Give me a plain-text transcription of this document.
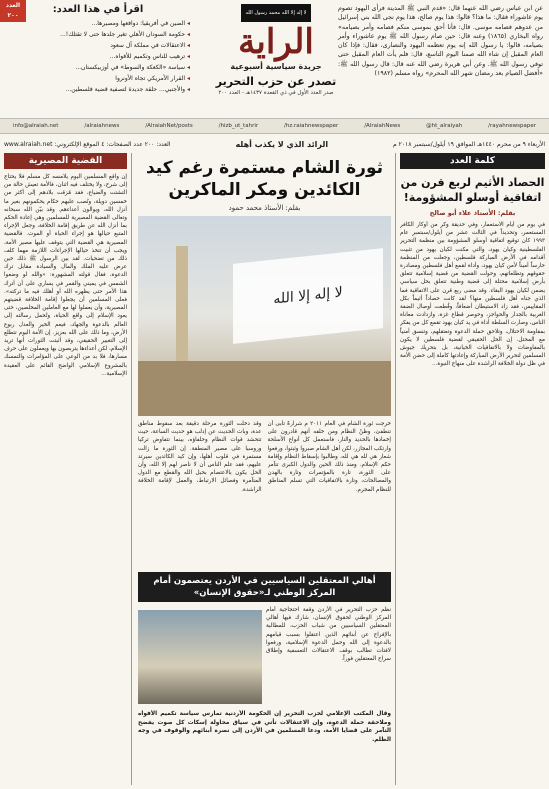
عن ابن عباس رضي الله عنهما قال: «قدم النبي ﷺ المدينة فرأى اليهود تصوم يوم عاشوراء فقال: ما هذا؟ قالوا: هذا يوم صالح، هذا يوم نجى الله بني إسرائيل من عدوهم فصامه موسى. قال: فأنا أحق بموسى منكم فصامه وأمر بصيامه» رواه البخاري (١٨٦٥) وعنه قال: حين صام رسول الله ﷺ يوم عاشوراء وأمر بصيامه، قالوا: يا رسول الله إنه يوم تعظمه اليهود والنصارى، فقال: فإذا كان العام المقبل إن شاء الله صمنا اليوم التاسع، قال: فلم يأت العام المقبل حتى توفي رسول الله ﷺ. وعن أبي هريرة رضي الله عنه قال: قال رسول الله ﷺ: «أفضل الصيام بعد رمضان شهر الله المحرم» رواه مسلم (١٩٨٢)
لا إله إلا الله محمد رسول الله
الراية
جريدة سياسية أسبوعية
تصدر عن حزب التحرير
صدر العدد الأول في ذي القعدة ١٤٣٧هـ - العدد ٢٠٠
اقرأ في هذا العدد:
◂ الصين في أفريقيا: دوافعها ومصيرها...
◂ حكومة السودان الأهلي تغير جلدها حتى لا تقتلك!...
◂ الاعتقالات في مملكة آل سعود
◂ ترهيب للناس وتكميم للأفواه...
◂ سياسة «الكعكة والسوط» في أوزبيكستان...
◂ القرار الأمريكي تجاه الأونروا
◂ والأجنبي... حلقة جديدة لتصفية قضية فلسطين...
العدد ٢٠٠
info@alraiah.net	/alraiahnews	/AlraiahNet/posts	/hizb_ut_tahrir	/hz.raiahnewspaper	/AlraiahNews	@ht_alraiyah	/rayahnewspaper
الأربعاء ٩ من محرم ١٤٤٠هـ الموافق ١٩ أيلول/سبتمبر ٢٠١٨ م
الرائد الذي لا يكذب أهله
العدد: ٢٠٠ عدد الصفحات: ٤ الموقع الإلكتروني: www.alraiah.net
كلمة العدد
الحصاد الأثيم لربع قرن من اتفاقية أوسلو المشؤومة!
بقلم: الأستاذ علاء أبو صالح
في يوم من أيام الاستعمار، وفي حديقة وكر من أوكار الكافر المستعمر، وتحديداً في الثالث عشر من أيلول/سبتمبر عام ١٩٩٣ كان توقيع اتفاقية أوسلو المشؤومة بين منظمة التحرير الفلسطينية وكيان يهود، والتي مكنت لكيان يهود من تثبيت أقدامه في الأرض المباركة فلسطين، وجعلت من المنظمة حارساً أميناً لأمن كيان يهود، وأداة لقمع أهل فلسطين ومصادرة حقوقهم وتطلعاتهم، وحولت القضية من قضية إسلامية تتعلق بأرض إسلامية محتلة إلى قضية وطنية تتعلق بحل سياسي يضمن لكيان يهود البقاء. وقد مضى ربع قرن على الاتفاقية فما الذي جناه أهل فلسطين منها؟ لقد كانت حصاداً أثيماً بكل المقاييس، فقد زاد الاستيطان أضعافاً، وقُطعت أوصال الضفة الغربية بالجدار والحواجز، وحوصر قطاع غزة، وازدادت معاناة الناس، وصارت السلطة أداة في يد كيان يهود تقمع كل من يفكر بمقاومة الاحتلال، وتلاحق حملة الدعوة وتعتقلهم، وتنسق أمنياً مع المحتل. إن الحل الحقيقي لقضية فلسطين لا يكون بالمفاوضات ولا بالاتفاقيات الخيانية، بل بتحريك جيوش المسلمين لتحرير الأرض المباركة وإعادتها كاملة إلى حضن الأمة في ظل دولة الخلافة الراشدة على منهاج النبوة...
ثورة الشام مستمرة رغم كيد الكائدين ومكر الماكرين
بقلم: الأستاذ محمد حمود
لا إله إلا الله
خرجت ثورة الشام في العام ٢٠١١ م شرارةً تأبى أن تنطفئ، وظنّ النظام ومن خلفه أنهم قادرون على إخمادها بالحديد والنار، فاستعمل كل أنواع الأسلحة وارتكب المجازر، لكن أهل الشام صبروا وثبتوا، ورفعوا شعار هي لله هي لله، وطالبوا بإسقاط النظام وإقامة حكم الإسلام. ومنذ ذلك الحين والدول الكبرى تتآمر على الثورة، تارة بالمؤتمرات وتارة بالهدن والمصالحات، وتارة بالاتفاقيات التي تسلم المناطق للنظام المجرم.
وقد دخلت الثورة مرحلة دقيقة بعد سقوط مناطق عدة، وبات الحديث عن إدلب هو حديث الساعة، حيث تتحشد قوات النظام وحلفاؤه، بينما تتفاوض تركيا وروسيا على مصير المنطقة. إن الثورة ما زالت مستمرة في قلوب أهلها، وإن كيد الكائدين سيرتد عليهم، فقد علم الناس أن لا ناصر لهم إلا الله، وأن الحل يكون بالاعتصام بحبل الله والقطع مع الدول المتآمرة وفصائل الارتباط، والعمل لإقامة الخلافة الراشدة.
أهالي المعتقلين السياسيين في الأردن يعتصمون أمام المركز الوطني لـ«حقوق الإنسان»
نظم حزب التحرير في الأردن وقفة احتجاجية أمام المركز الوطني لحقوق الإنسان، شارك فيها أهالي المعتقلين السياسيين من شباب الحزب، للمطالبة بالإفراج عن أبنائهم الذين اعتقلوا بسبب قيامهم بالدعوة إلى الله وحمل الدعوة الإسلامية، ورفعوا لافتات تطالب بوقف الاعتقالات التعسفية وإطلاق سراح المعتقلين فوراً.
وقال المكتب الإعلامي لحزب التحرير إن الحكومة الأردنية تمارس سياسة تكميم الأفواه وملاحقة حملة الدعوة، وإن الاعتقالات تأتي في سياق محاولة إسكات كل صوت يفضح التآمر على قضايا الأمة، ودعا المسلمين في الأردن إلى نصرة أبنائهم والوقوف في وجه الظلم.
القضية المصيرية
إن واقع المسلمين اليوم يلامسه كل مسلم فلا يحتاج إلى شرح، ولا يختلف فيه اثنان، فالأمة تعيش حالة من التشتت والضياع، فقد مُزقت بلادهم إلى أكثر من خمسين دويلة، ونُصب عليهم حكام يحكمونهم بغير ما أنزل الله، ويوالون أعداءهم. وقد بيّن الله سبحانه وتعالى القضية المصيرية للمسلمين وهي إعادة الحكم بما أنزل الله عن طريق إقامة الخلافة، وجعل الإجراء المتبع حيالها هو إجراء الحياة أو الموت. فالقضية المصيرية هي القضية التي يتوقف عليها مصير الأمة، ويجب أن تتخذ حيالها الإجراءات اللازمة مهما كلف ذلك من تضحيات. لقد بين الرسول ﷺ ذلك حين عرض عليه الملك والمال والسيادة مقابل ترك الدعوة، فقال قولته المشهورة: «والله لو وضعوا الشمس في يميني والقمر في يساري على أن أترك هذا الأمر حتى يظهره الله أو أهلك فيه ما تركته». فعلى المسلمين أن يجعلوا إقامة الخلافة قضيتهم المصيرية، وأن يعملوا لها مع العاملين المخلصين، حتى يعود الإسلام إلى واقع الحياة، وتُحمل رسالته إلى العالم بالدعوة والجهاد، فيعم الخير والعدل ربوع الأرض، وما ذلك على الله بعزيز. إن الأمة اليوم تتطلع إلى التغيير الحقيقي، وقد أثبتت الثورات أنها تريد الإسلام، لكن أعداءها يتربصون بها ويعملون على حرف مسارها، فلا بد من الوعي على المؤامرات والتمسك بالمشروع الإسلامي الواضح القائم على العقيدة الإسلامية...
